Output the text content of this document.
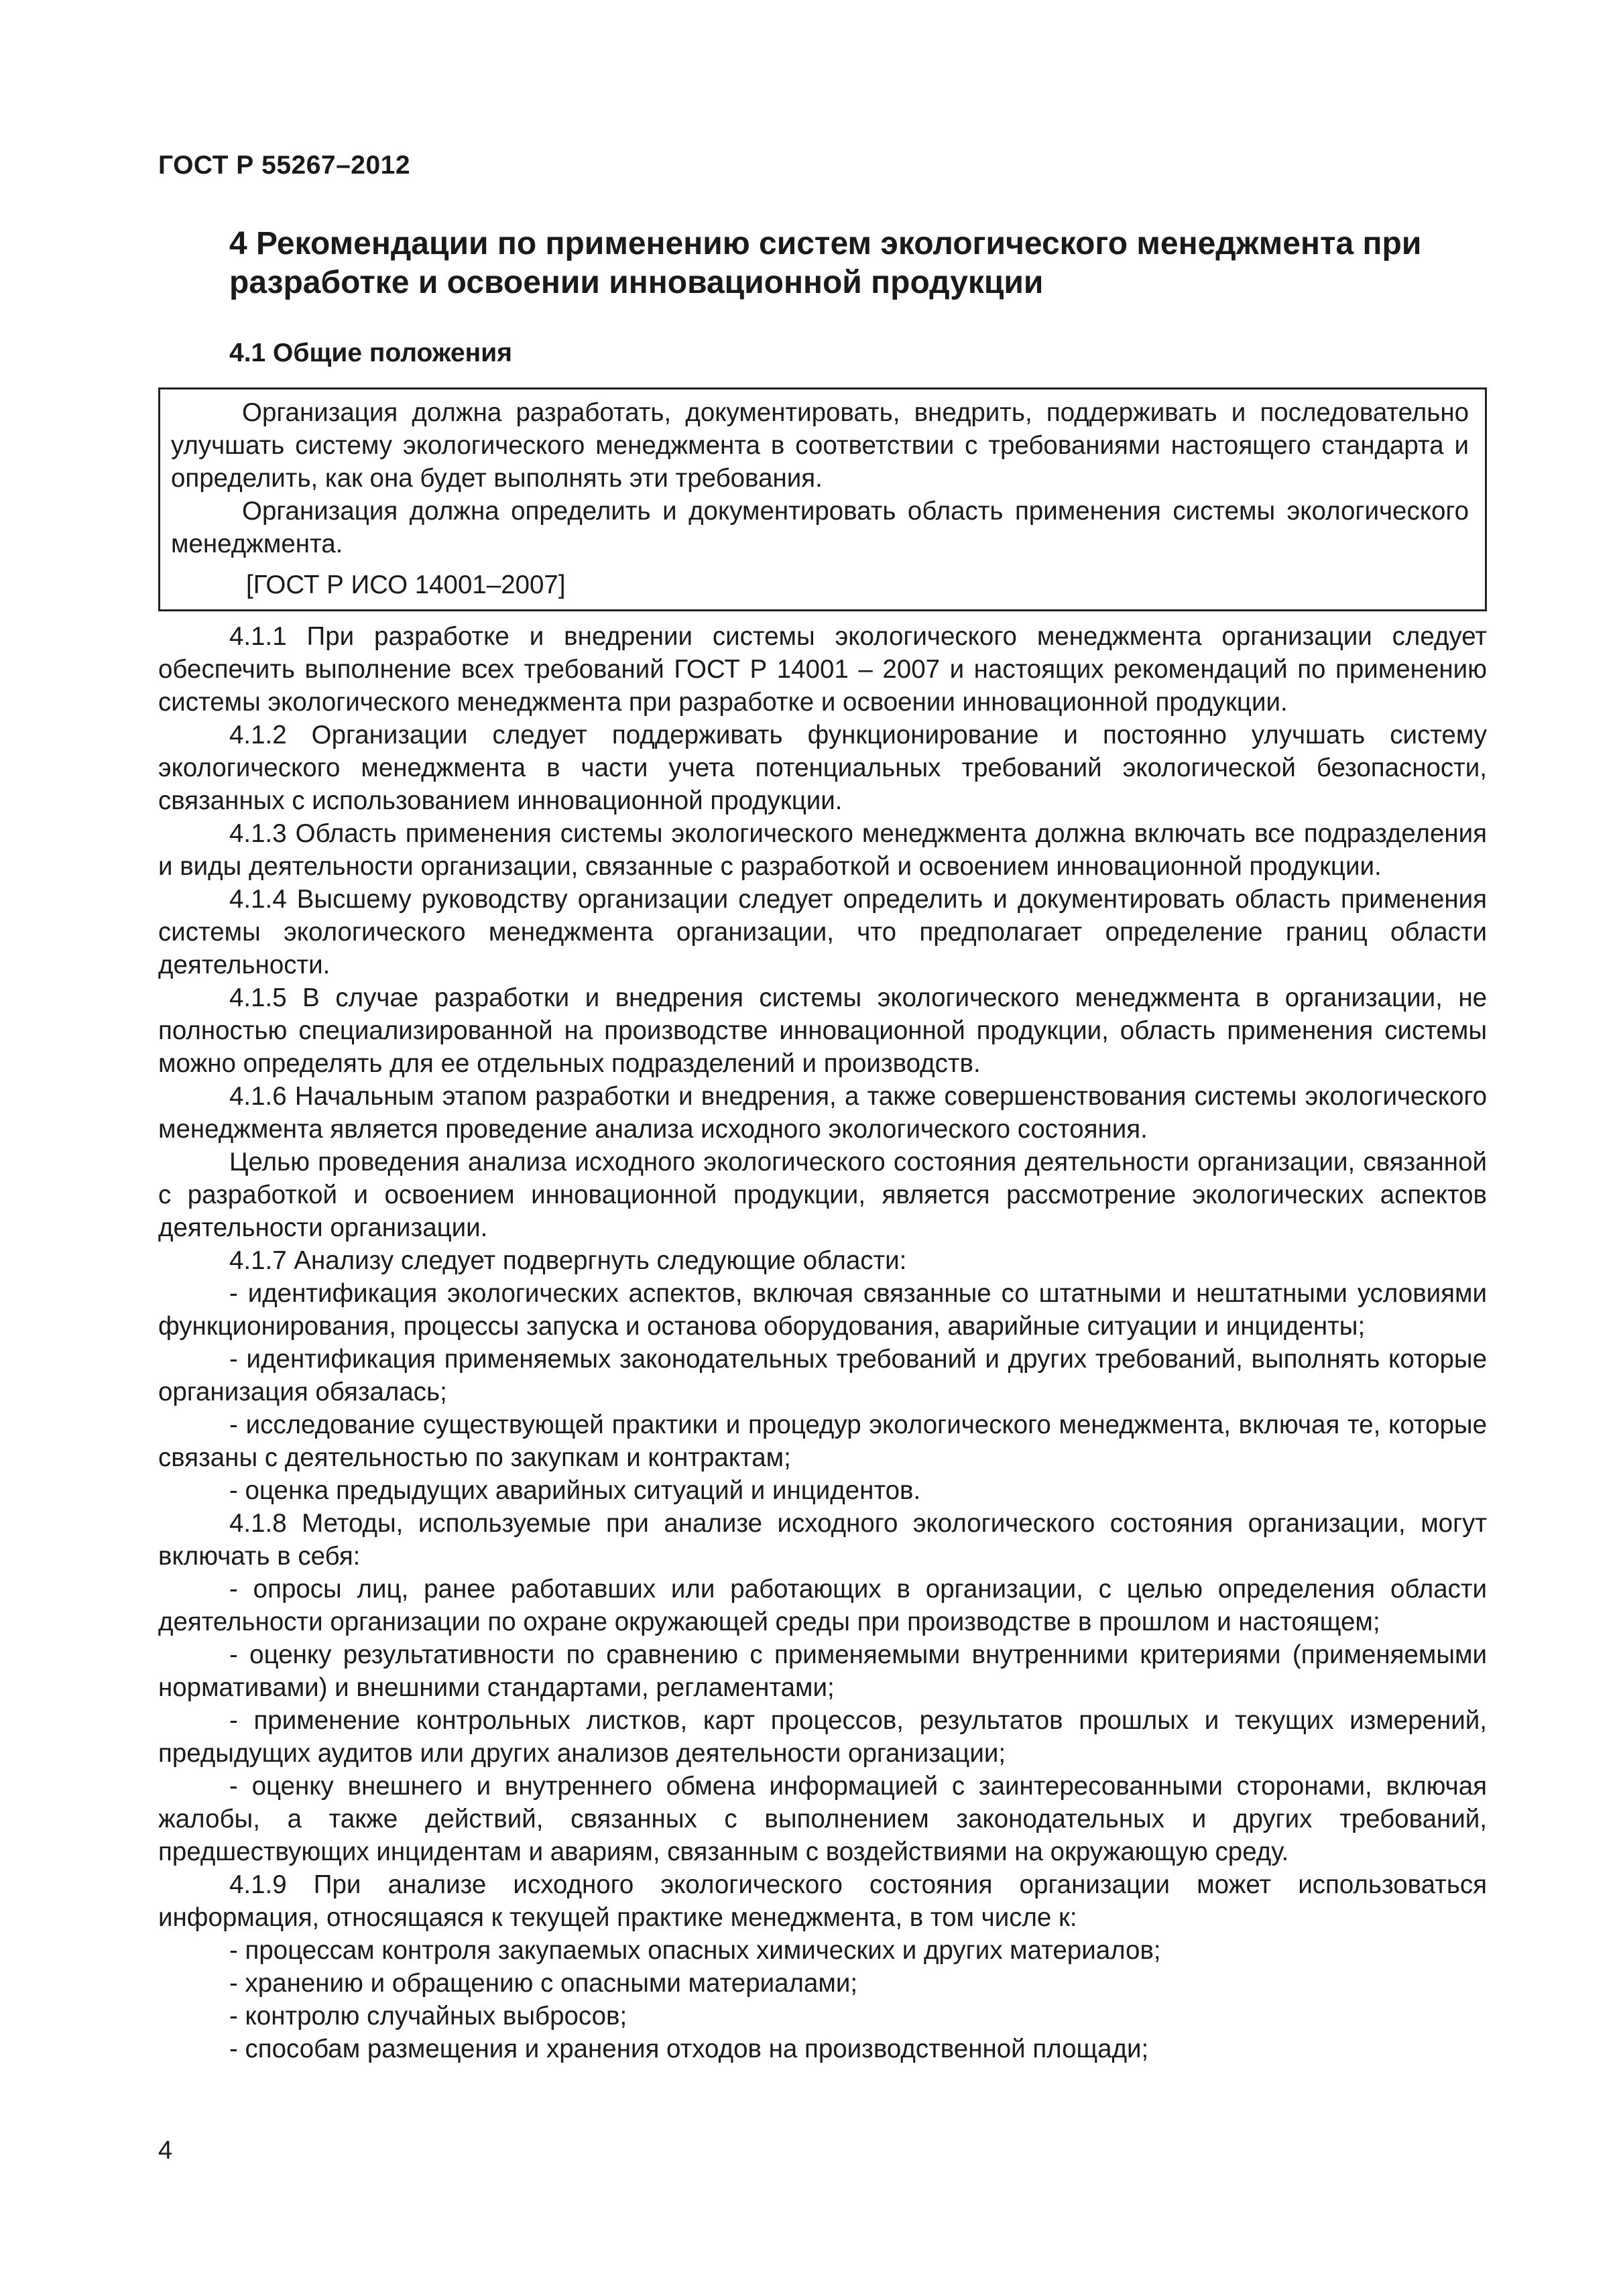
ГОСТ Р 55267–2012
4 Рекомендации по применению систем экологического менеджмента при разработке и освоении инновационной продукции
4.1 Общие положения

Организация должна разработать, документировать, внедрить, поддерживать и последовательно улучшать систему экологического менеджмента в соответствии с требованиями настоящего стандарта и определить, как она будет выполнять эти требования.

Организация должна определить и документировать область применения системы экологического менеджмента.

[ГОСТ Р ИСО 14001–2007]

4.1.1 При разработке и внедрении системы экологического менеджмента организации следует обеспечить выполнение всех требований ГОСТ Р 14001 – 2007 и настоящих рекомендаций по применению системы экологического менеджмента при разработке и освоении инновационной продукции.

4.1.2 Организации следует поддерживать функционирование и постоянно улучшать систему экологического менеджмента в части учета потенциальных требований экологической безопасности, связанных с использованием инновационной продукции.

4.1.3 Область применения системы экологического менеджмента должна включать все подразделения и виды деятельности организации, связанные с разработкой и освоением инновационной продукции.

4.1.4 Высшему руководству организации следует определить и документировать область применения системы экологического менеджмента организации, что предполагает определение границ области деятельности.

4.1.5 В случае разработки и внедрения системы экологического менеджмента в организации, не полностью специализированной на производстве инновационной продукции, область применения системы можно определять для ее отдельных подразделений и производств.

4.1.6 Начальным этапом разработки и внедрения, а также совершенствования системы экологического менеджмента является проведение анализа исходного экологического состояния.

Целью проведения анализа исходного экологического состояния деятельности организации, связанной с разработкой и освоением инновационной продукции, является рассмотрение экологических аспектов деятельности организации.

4.1.7 Анализу следует подвергнуть следующие области:

- идентификация экологических аспектов, включая связанные со штатными и нештатными условиями функционирования, процессы запуска и останова оборудования, аварийные ситуации и инциденты;

- идентификация применяемых законодательных требований и других требований, выполнять которые организация обязалась;

- исследование существующей практики и процедур экологического менеджмента, включая те, которые связаны с деятельностью по закупкам и контрактам;

- оценка предыдущих аварийных ситуаций и инцидентов.

4.1.8 Методы, используемые при анализе исходного экологического состояния организации, могут включать в себя:

- опросы лиц, ранее работавших или работающих в организации, с целью определения области деятельности организации по охране окружающей среды при производстве в прошлом и настоящем;

- оценку результативности по сравнению с применяемыми внутренними критериями (применяемыми нормативами) и внешними стандартами, регламентами;

- применение контрольных листков, карт процессов, результатов прошлых и текущих измерений, предыдущих аудитов или других анализов деятельности организации;

- оценку внешнего и внутреннего обмена информацией с заинтересованными сторонами, включая жалобы, а также действий, связанных с выполнением законодательных и других требований, предшествующих инцидентам и авариям, связанным с воздействиями на окружающую среду.

4.1.9 При анализе исходного экологического состояния организации может использоваться информация, относящаяся к текущей практике менеджмента, в том числе к:

- процессам контроля закупаемых опасных химических и других материалов;

- хранению и обращению с опасными материалами;

- контролю случайных выбросов;

- способам размещения и хранения отходов на производственной площади;

4
